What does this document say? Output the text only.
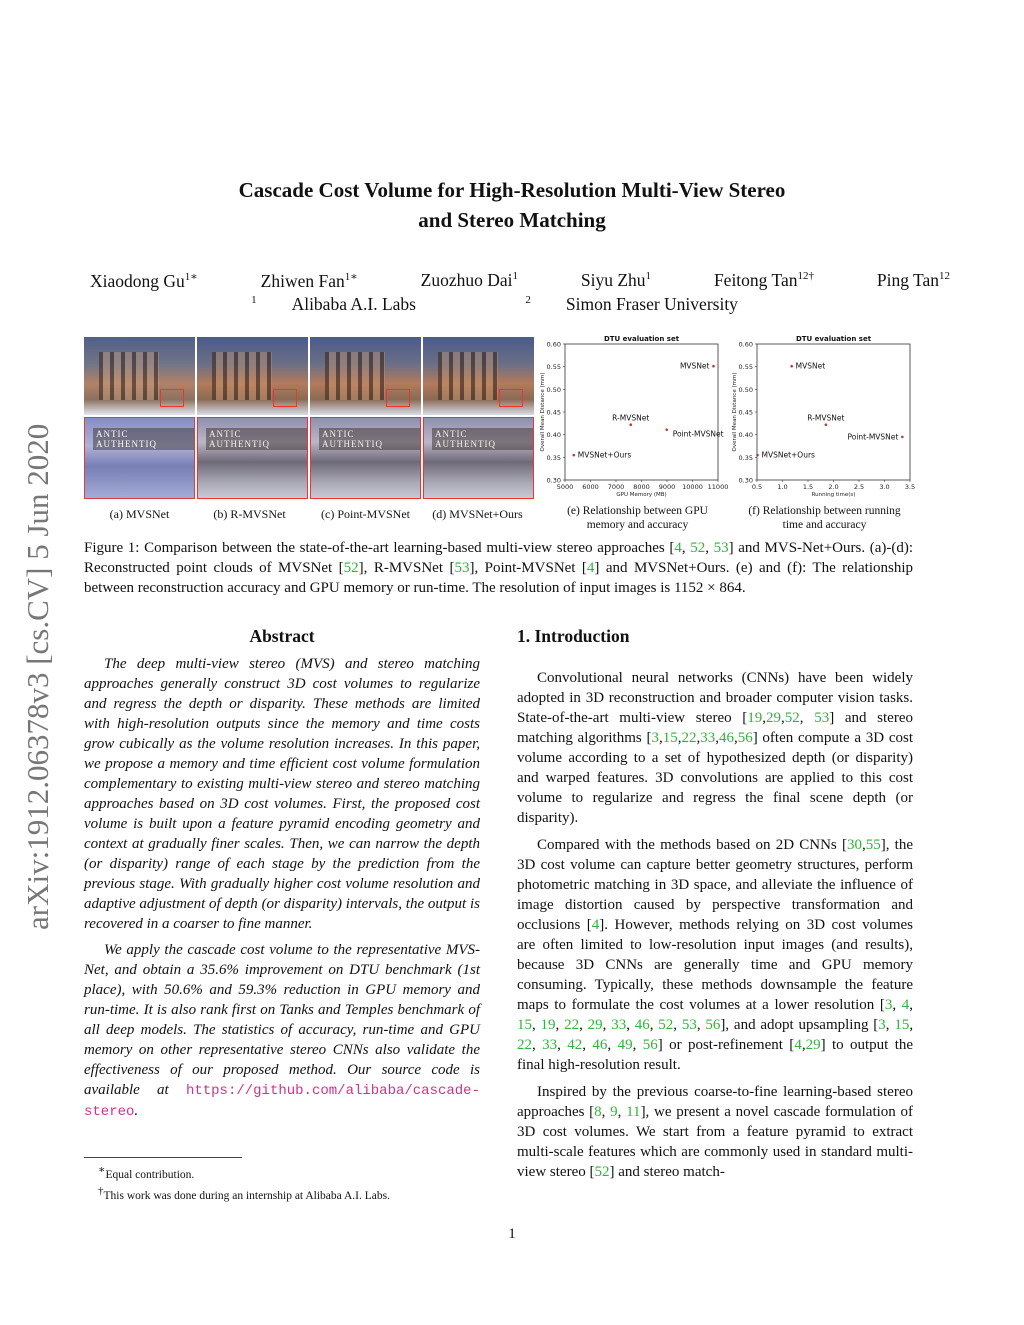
Cascade Cost Volume for High-Resolution Multi-View Stereo
and Stereo Matching
Xiaodong $Gu^{1∗}$	Zhiwen Fan$^{1∗}$	Zuozhuo Dai$^1$	Siyu Zhu$^1$	Feitong Tan$^{12\dagger}$	Ping Tan$^{12}$
$^1$ Alibaba A.I. Labs	$^2$ Simon Fraser University
arXiv:1912.06378v3 [cs.CV] 5 Jun 2020	ANTIC AUTHENTIQ
ANTIC AUTHENTIQ
ANTIC AUTHENTIQ
ANTIC AUTHENTIQ
(a) MVSNet	(b) R-MVSNet	(c) Point-MVSNet	(d) MVSNet+Ours
DTU evaluation set
0.30
0.35
0.40
0.45
0.50
0.55
0.60
5000 6000 7000 8000 9000 10000 11000
GPU Memory (MB)
Overall Mean Distance (mm)
MVSNet
R-MVSNet
Point-MVSNet
MVSNet+Ours
DTU evaluation set
0.30
0.35
0.40
0.45
0.50
0.55
0.60
0.5 1.0 1.5 2.0 2.5 3.0 3.5
Running time(s)
Overall Mean Distance (mm)
MVSNet
R-MVSNet
Point-MVSNet
MVSNet+Ours
(e) Relationship between GPU
memory and accuracy
(f) Relationship between running
time and accuracy
Figure 1: Comparison between the state-of-the-art learning-based multi-view stereo approaches [4, 52, 53] and MVS-Net+Ours. (a)-(d): Reconstructed point clouds of MVSNet [52], R-MVSNet [53], Point-MVSNet [4] and MVSNet+Ours. (e) and (f): The relationship between reconstruction accuracy and GPU memory or run-time. The resolution of input images is 1152 × 864.
Abstract

The deep multi-view stereo (MVS) and stereo matching approaches generally construct 3D cost volumes to regularize and regress the depth or disparity. These methods are limited with high-resolution outputs since the memory and time costs grow cubically as the volume resolution increases. In this paper, we propose a memory and time efficient cost volume formulation complementary to existing multi-view stereo and stereo matching approaches based on 3D cost volumes. First, the proposed cost volume is built upon a feature pyramid encoding geometry and context at gradually finer scales. Then, we can narrow the depth (or disparity) range of each stage by the prediction from the previous stage. With gradually higher cost volume resolution and adaptive adjustment of depth (or disparity) intervals, the output is recovered in a coarser to fine manner.

We apply the cascade cost volume to the representative MVS-Net, and obtain a 35.6% improvement on DTU benchmark (1st place), with 50.6% and 59.3% reduction in GPU memory and run-time. It is also rank first on Tanks and Temples benchmark of all deep models. The statistics of accuracy, run-time and GPU memory on other representative stereo CNNs also validate the effectiveness of our proposed method. Our source code is available at https://github.com/alibaba/cascade-stereo.

∗Equal contribution.
†This work was done during an internship at Alibaba A.I. Labs.
1. Introduction

Convolutional neural networks (CNNs) have been widely adopted in 3D reconstruction and broader computer vision tasks. State-of-the-art multi-view stereo [19,29,52, 53] and stereo matching algorithms [3,15,22,33,46,56] often compute a 3D cost volume according to a set of hypothesized depth (or disparity) and warped features. 3D convolutions are applied to this cost volume to regularize and regress the final scene depth (or disparity).

Compared with the methods based on 2D CNNs [30,55], the 3D cost volume can capture better geometry structures, perform photometric matching in 3D space, and alleviate the influence of image distortion caused by perspective transformation and occlusions [4]. However, methods relying on 3D cost volumes are often limited to low-resolution input images (and results), because 3D CNNs are generally time and GPU memory consuming. Typically, these methods downsample the feature maps to formulate the cost volumes at a lower resolution [3, 4, 15, 19, 22, 29, 33, 46, 52, 53, 56], and adopt upsampling [3, 15, 22, 33, 42, 46, 49, 56] or post-refinement [4,29] to output the final high-resolution result.

Inspired by the previous coarse-to-fine learning-based stereo approaches [8, 9, 11], we present a novel cascade formulation of 3D cost volumes. We start from a feature pyramid to extract multi-scale features which are commonly used in standard multi-view stereo [52] and stereo match-

1
